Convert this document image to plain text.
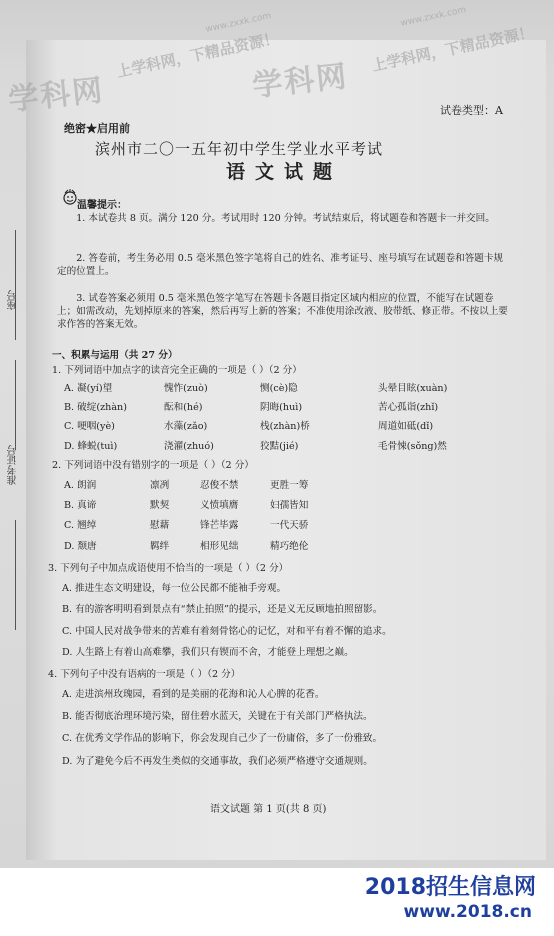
学科网	学科网
www.zxxk.com	www.zxxk.com
上学科网，下精品资源！	上学科网，下精品资源！
试卷类型：A
绝密★启用前
滨州市二〇一五年初中学生学业水平考试
语文试题
温馨提示：
1. 本试卷共 8 页。满分 120 分。考试用时 120 分钟。考试结束后，将试题卷和答题卡一并交回。
2. 答卷前，考生务必用 0.5 毫米黑色签字笔将自己的姓名、准考证号、座号填写在试题卷和答题卡规定的位置上。
3. 试卷答案必须用 0.5 毫米黑色签字笔写在答题卡各题目指定区域内相应的位置，不能写在试题卷上；如需改动，先划掉原来的答案，然后再写上新的答案；不准使用涂改液、胶带纸、修正带。不按以上要求作答的答案无效。
座号
准考证号
一、积累与运用（共 27 分）
1. 下列词语中加点字的读音完全正确的一项是（ ）（2 分）
A. 凝(yí)望	愧怍(zuò)	恻(cè)隐	头晕目眩(xuàn)
B. 破绽(zhàn)	酝和(hé)	阴晦(huì)	苦心孤诣(zhǐ)
C. 哽咽(yè)	水藻(zǎo)	栈(zhàn)桥	周道如砥(dǐ)
D. 蜂蜕(tuì)	浇濯(zhuó)	狡黠(jié)	毛骨悚(sǒng)然
2. 下列词语中没有错别字的一项是（ ）（2 分）
A. 朗润	凛冽	忍俊不禁	更胜一筹
B. 真谛	默契	义愤填膺	妇孺皆知
C. 翘绰	慰藉	锋芒毕露	一代天骄
D. 颓唐	羁绊	相形见绌	精巧绝伦
3. 下列句子中加点成语使用不恰当的一项是（ ）（2 分）
A. 推进生态文明建设，每一位公民都不能袖手旁观。
B. 有的游客明明看到景点有“禁止拍照”的提示，还是义无反顾地拍照留影。
C. 中国人民对战争带来的苦难有着刻骨铭心的记忆，对和平有着不懈的追求。
D. 人生路上有着山高难攀，我们只有锲而不舍，才能登上理想之巅。
4. 下列句子中没有语病的一项是（ ）（2 分）
A. 走进滨州玫瑰园，看到的是美丽的花海和沁人心脾的花香。
B. 能否彻底治理环境污染，留住碧水蓝天，关键在于有关部门严格执法。
C. 在优秀文学作品的影响下，你会发现自己少了一份庸俗，多了一份雅致。
D. 为了避免今后不再发生类似的交通事故，我们必须严格遵守交通规则。
语文试题 第 1 页(共 8 页)
2018招生信息网
www.2018.cn
